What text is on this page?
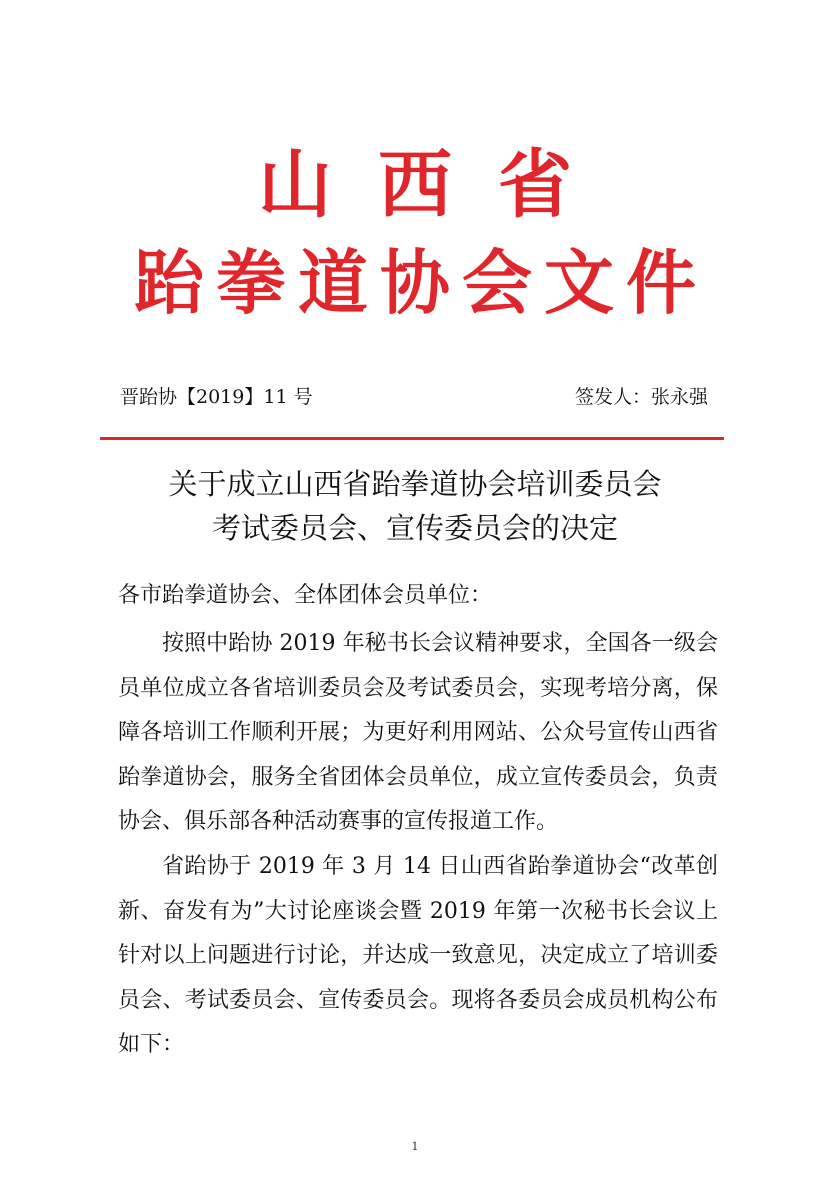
山西省
跆拳道协会文件
晋跆协【2019】11 号	签发人：张永强
关于成立山西省跆拳道协会培训委员会
考试委员会、宣传委员会的决定
各市跆拳道协会、全体团体会员单位：

按照中跆协 2019 年秘书长会议精神要求，全国各一级会员单位成立各省培训委员会及考试委员会，实现考培分离，保障各培训工作顺利开展；为更好利用网站、公众号宣传山西省跆拳道协会，服务全省团体会员单位，成立宣传委员会，负责协会、俱乐部各种活动赛事的宣传报道工作。

省跆协于 2019 年 3 月 14 日山西省跆拳道协会“改革创新、奋发有为”大讨论座谈会暨 2019 年第一次秘书长会议上针对以上问题进行讨论，并达成一致意见，决定成立了培训委员会、考试委员会、宣传委员会。现将各委员会成员机构公布如下：

1
